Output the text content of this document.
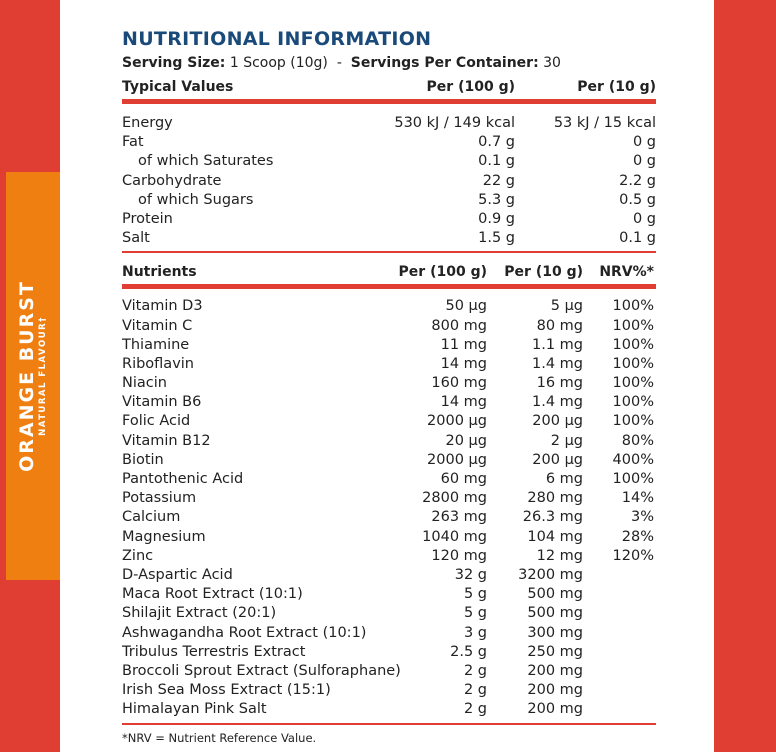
ORANGE BURST NATURAL FLAVOUR†
NUTRITIONAL INFORMATION
Serving Size: 1 Scoop (10g) - Servings Per Container: 30
Typical Values	Per (100 g)	Per (10 g)
Energy	530 kJ / 149 kcal	53 kJ / 15 kcal
Fat	0.7 g	0 g
of which Saturates	0.1 g	0 g
Carbohydrate	22 g	2.2 g
of which Sugars	5.3 g	0.5 g
Protein	0.9 g	0 g
Salt	1.5 g	0.1 g
Nutrients	Per (100 g) Per (10 g) NRV%*
Vitamin D3	50 µg	5 µg 100%
Vitamin C	800 mg	80 mg 100%
Thiamine	11 mg	1.1 mg 100%
Riboflavin	14 mg	1.4 mg 100%
Niacin	160 mg	16 mg 100%
Vitamin B6	14 mg	1.4 mg 100%
Folic Acid	2000 µg	200 µg 100%
Vitamin B12	20 µg	2 µg	80%
Biotin	2000 µg	200 µg 400%
Pantothenic Acid	60 mg	6 mg 100%
Potassium	2800 mg	280 mg	14%
Calcium	263 mg 26.3 mg	3%
Magnesium	1040 mg	104 mg	28%
Zinc	120 mg	12 mg 120%
D-Aspartic Acid	32 g 3200 mg
Maca Root Extract (10:1)	5 g	500 mg
Shilajit Extract (20:1)	5 g	500 mg
Ashwagandha Root Extract (10:1)	3 g	300 mg
Tribulus Terrestris Extract	2.5 g	250 mg
Broccoli Sprout Extract (Sulforaphane)	2 g	200 mg
Irish Sea Moss Extract (15:1)	2 g	200 mg
Himalayan Pink Salt	2 g	200 mg
*NRV = Nutrient Reference Value.
